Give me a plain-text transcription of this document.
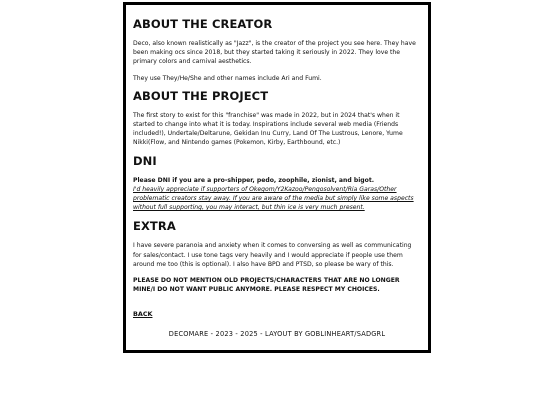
ABOUT THE CREATOR

Deco, also known realistically as "Jazz", is the creator of the project you see here. They have been making ocs since 2018, but they started taking it seriously in 2022. They love the primary colors and carnival aesthetics.

They use They/He/She and other names include Ari and Fumi.

ABOUT THE PROJECT

The first story to exist for this "franchise" was made in 2022, but in 2024 that's when it started to change into what it is today. Inspirations include several web media (Friends included!), Undertale/Deltarune, Gekidan Inu Curry, Land Of The Lustrous, Lenore, Yume Nikki(Flow, and Nintendo games (Pokemon, Kirby, Earthbound, etc.)

DNI

Please DNI if you are a pro-shipper, pedo, zoophile, zionist, and bigot.
I'd heavily appreciate if supporters of Okegom/Y2Kazoo/Pengosolvent/Ria Garas/Other problematic creators stay away. If you are aware of the media but simply like some aspects without full supporting, you may interact, but thin ice is very much present.

EXTRA

I have severe paranoia and anxiety when it comes to conversing as well as communicating for sales/contact. I use tone tags very heavily and I would appreciate if people use them around me too (this is optional). I also have BPD and PTSD, so please be wary of this.

PLEASE DO NOT MENTION OLD PROJECTS/CHARACTERS THAT ARE NO LONGER MINE/I DO NOT WANT PUBLIC ANYMORE. PLEASE RESPECT MY CHOICES.

BACK
DECOMARE - 2023 - 2025 - LAYOUT BY GOBLINHEART/SADGRL
